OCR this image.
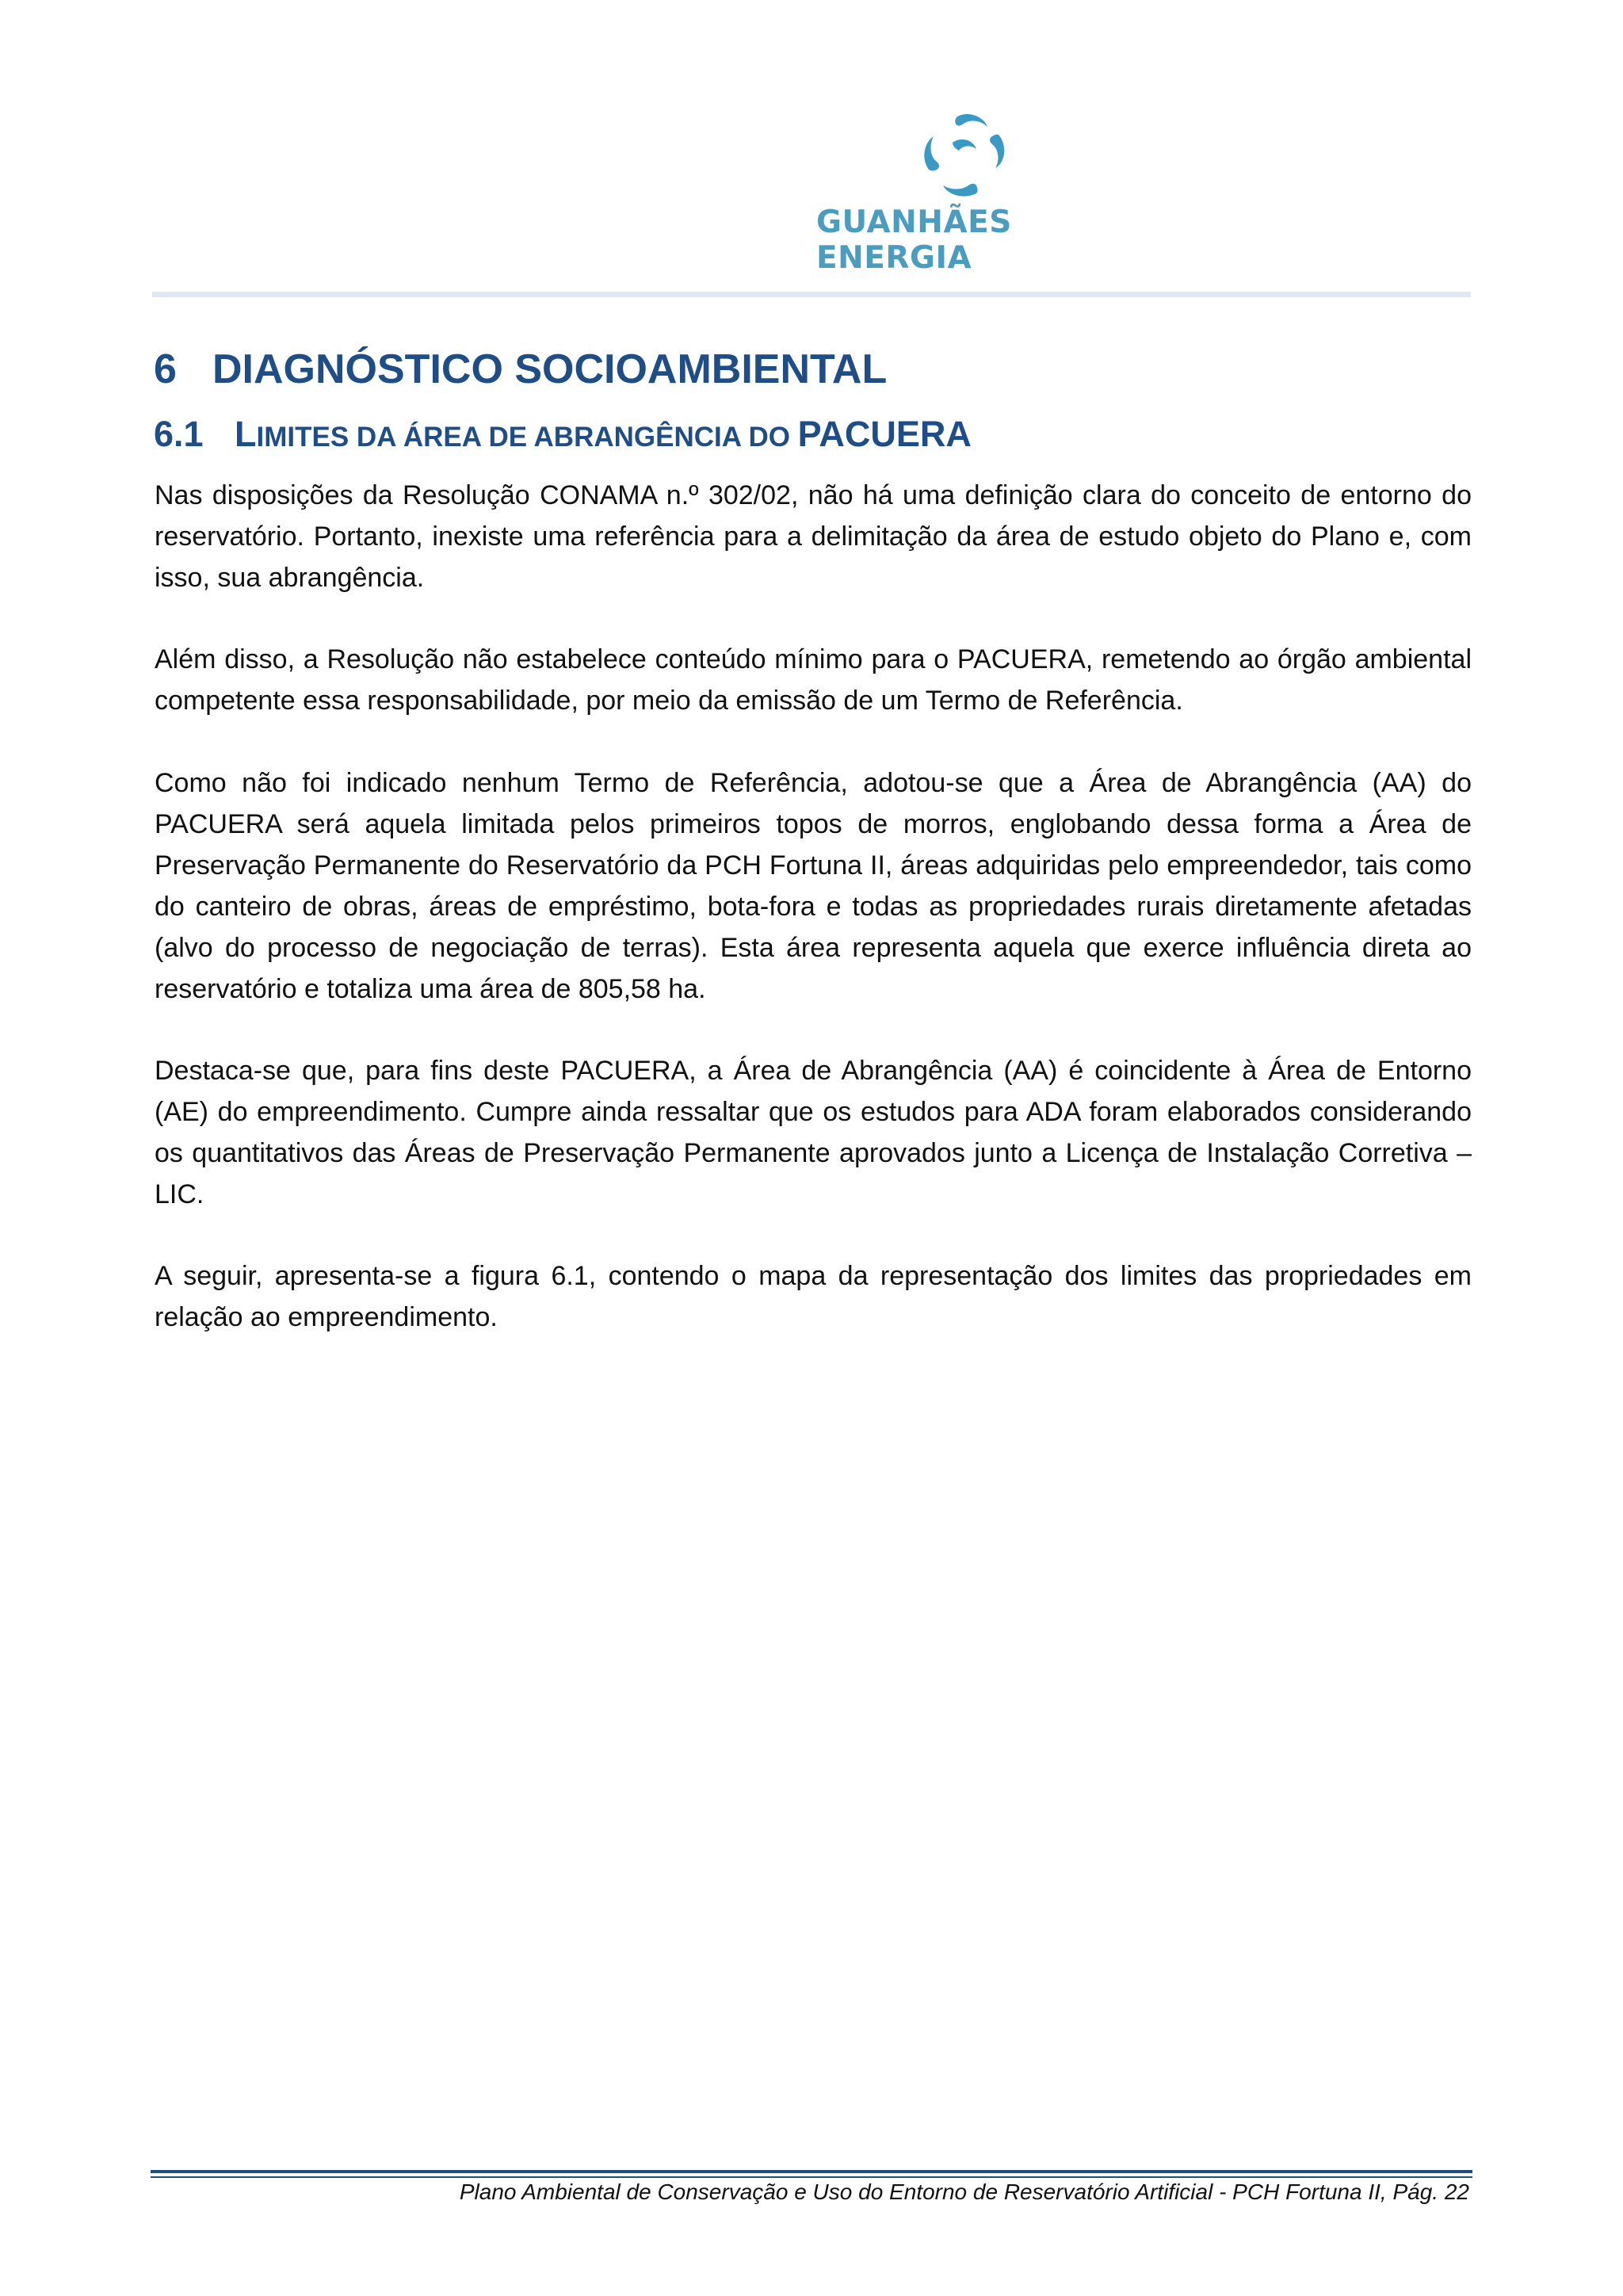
GUANHÃES ENERGIA
6 DIAGNÓSTICO SOCIOAMBIENTAL
6.1 LIMITES DA ÁREA DE ABRANGÊNCIA DO PACUERA

Nas disposições da Resolução CONAMA n.º 302/02, não há uma definição clara do conceito de entorno do reservatório. Portanto, inexiste uma referência para a delimitação da área de estudo objeto do Plano e, com isso, sua abrangência.

Além disso, a Resolução não estabelece conteúdo mínimo para o PACUERA, remetendo ao órgão ambiental competente essa responsabilidade, por meio da emissão de um Termo de Referência.

Como não foi indicado nenhum Termo de Referência, adotou-se que a Área de Abrangência (AA) do PACUERA será aquela limitada pelos primeiros topos de morros, englobando dessa forma a Área de Preservação Permanente do Reservatório da PCH Fortuna II, áreas adquiridas pelo empreendedor, tais como do canteiro de obras, áreas de empréstimo, bota-fora e todas as propriedades rurais diretamente afetadas (alvo do processo de negociação de terras). Esta área representa aquela que exerce influência direta ao reservatório e totaliza uma área de 805,58 ha.

Destaca-se que, para fins deste PACUERA, a Área de Abrangência (AA) é coincidente à Área de Entorno (AE) do empreendimento. Cumpre ainda ressaltar que os estudos para ADA foram elaborados considerando os quantitativos das Áreas de Preservação Permanente aprovados junto a Licença de Instalação Corretiva – LIC.

A seguir, apresenta-se a figura 6.1, contendo o mapa da representação dos limites das propriedades em relação ao empreendimento.

Plano Ambiental de Conservação e Uso do Entorno de Reservatório Artificial - PCH Fortuna II, Pág. 22
